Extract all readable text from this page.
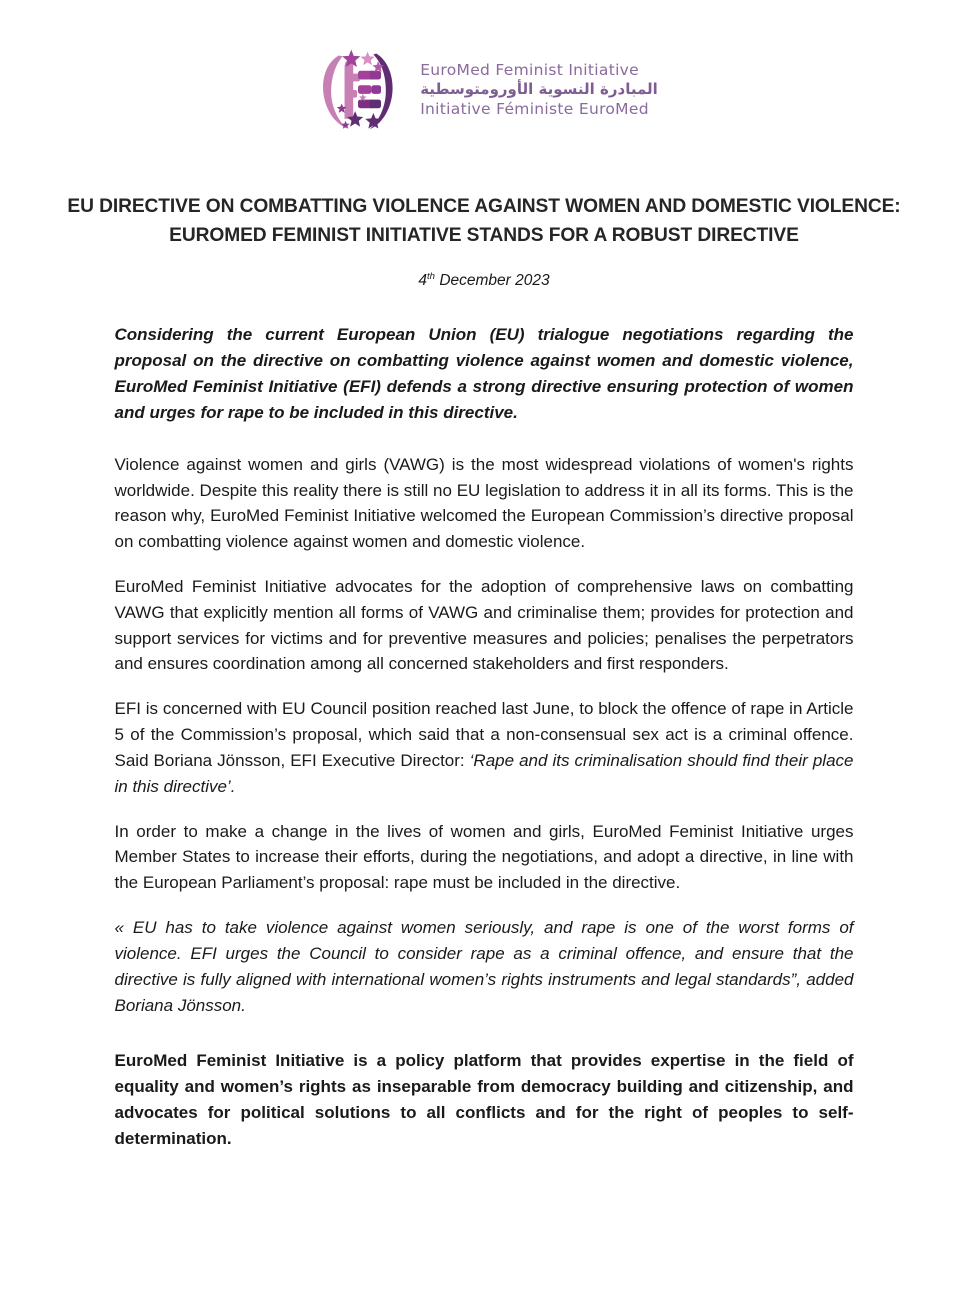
EuroMed Feminist Initiative
المبادرة النسوية الأورومتوسطية
Initiative Féministe EuroMed
EU DIRECTIVE ON COMBATTING VIOLENCE AGAINST WOMEN AND DOMESTIC VIOLENCE:
EUROMED FEMINIST INITIATIVE STANDS FOR A ROBUST DIRECTIVE

4th December 2023

Considering the current European Union (EU) trialogue negotiations regarding the proposal on the directive on combatting violence against women and domestic violence, EuroMed Feminist Initiative (EFI) defends a strong directive ensuring protection of women and urges for rape to be included in this directive.

Violence against women and girls (VAWG) is the most widespread violations of women's rights worldwide. Despite this reality there is still no EU legislation to address it in all its forms. This is the reason why, EuroMed Feminist Initiative welcomed the European Commission’s directive proposal on combatting violence against women and domestic violence.

EuroMed Feminist Initiative advocates for the adoption of comprehensive laws on combatting VAWG that explicitly mention all forms of VAWG and criminalise them; provides for protection and support services for victims and for preventive measures and policies; penalises the perpetrators and ensures coordination among all concerned stakeholders and first responders.

EFI is concerned with EU Council position reached last June, to block the offence of rape in Article 5 of the Commission’s proposal, which said that a non-consensual sex act is a criminal offence. Said Boriana Jönsson, EFI Executive Director: ‘Rape and its criminalisation should find their place in this directive’.

In order to make a change in the lives of women and girls, EuroMed Feminist Initiative urges Member States to increase their efforts, during the negotiations, and adopt a directive, in line with the European Parliament’s proposal: rape must be included in the directive.

« EU has to take violence against women seriously, and rape is one of the worst forms of violence. EFI urges the Council to consider rape as a criminal offence, and ensure that the directive is fully aligned with international women’s rights instruments and legal standards”, added Boriana Jönsson.

EuroMed Feminist Initiative is a policy platform that provides expertise in the field of equality and women’s rights as inseparable from democracy building and citizenship, and advocates for political solutions to all conflicts and for the right of peoples to self-determination.
